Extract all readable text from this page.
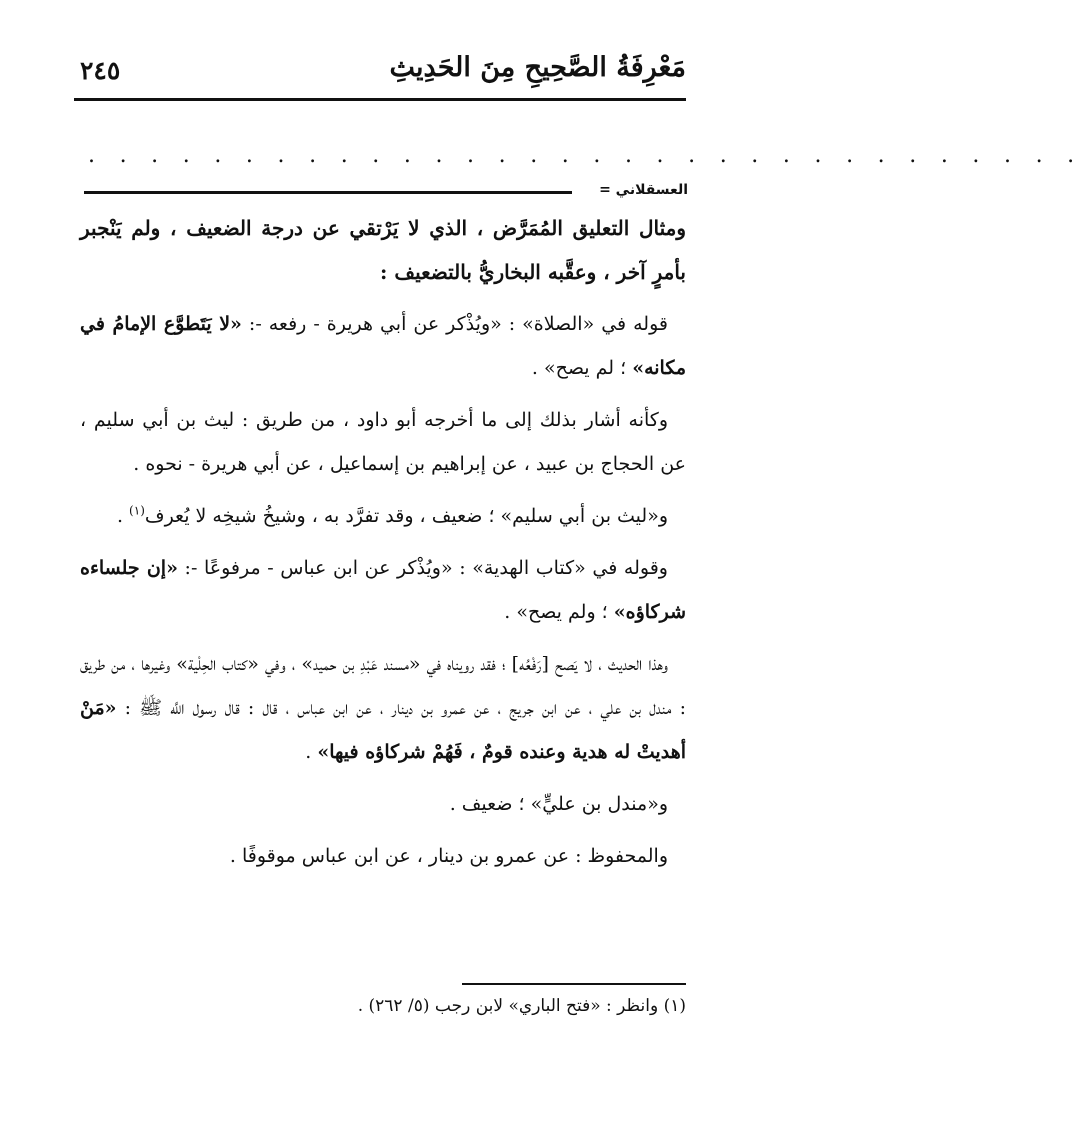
مَعْرِفَةُ الصَّحِيحِ مِنَ الحَدِيثِ
٢٤٥
. . . . . . . . . . . . . . . . . . . . . . . . . . . . . . . .
العسقلاني =

ومثال التعليق المُمَرَّض ، الذي لا يَرْتقي عن درجة الضعيف ، ولم يَنْجبر بأمرٍ آخر ، وعقَّبه البخاريُّ بالتضعيف :

قوله في «الصلاة» : «ويُذْكر عن أبي هريرة - رفعه -: «لا يَتَطوَّع الإمامُ في مكانه» ؛ لم يصح» .

وكأنه أشار بذلك إلى ما أخرجه أبو داود ، من طريق : ليث بن أبي سليم ، عن الحجاج بن عبيد ، عن إبراهيم بن إسماعيل ، عن أبي هريرة - نحوه .

و«ليث بن أبي سليم» ؛ ضعيف ، وقد تفرَّد به ، وشيخُ شيخِه لا يُعرف$^{(١)}$ .

وقوله في «كتاب الهدية» : «ويُذْكر عن ابن عباس - مرفوعًا -: «إن جلساءه شركاؤه» ؛ ولم يصح» .

وهذا الحديث ، لا يَصح [رَفْعُه] ؛ فقد رويناه في «مسند عَبْدِ بن حميد» ، وفي «كتاب الحِلْية» وغيرها ، من طريق : مندل بن علي ، عن ابن جريج ، عن عمرو بن دينار ، عن ابن عباس ، قال : قال رسول اللَّه ﷺ : «مَنْ أهديتْ له هدية وعنده قومٌ ، فَهُمْ شركاؤه فيها» .

و«مندل بن عليٍّ» ؛ ضعيف .

والمحفوظ : عن عمرو بن دينار ، عن ابن عباس موقوفًا .

(١) وانظر : «فتح الباري» لابن رجب (٥/ ٢٦٢) .
